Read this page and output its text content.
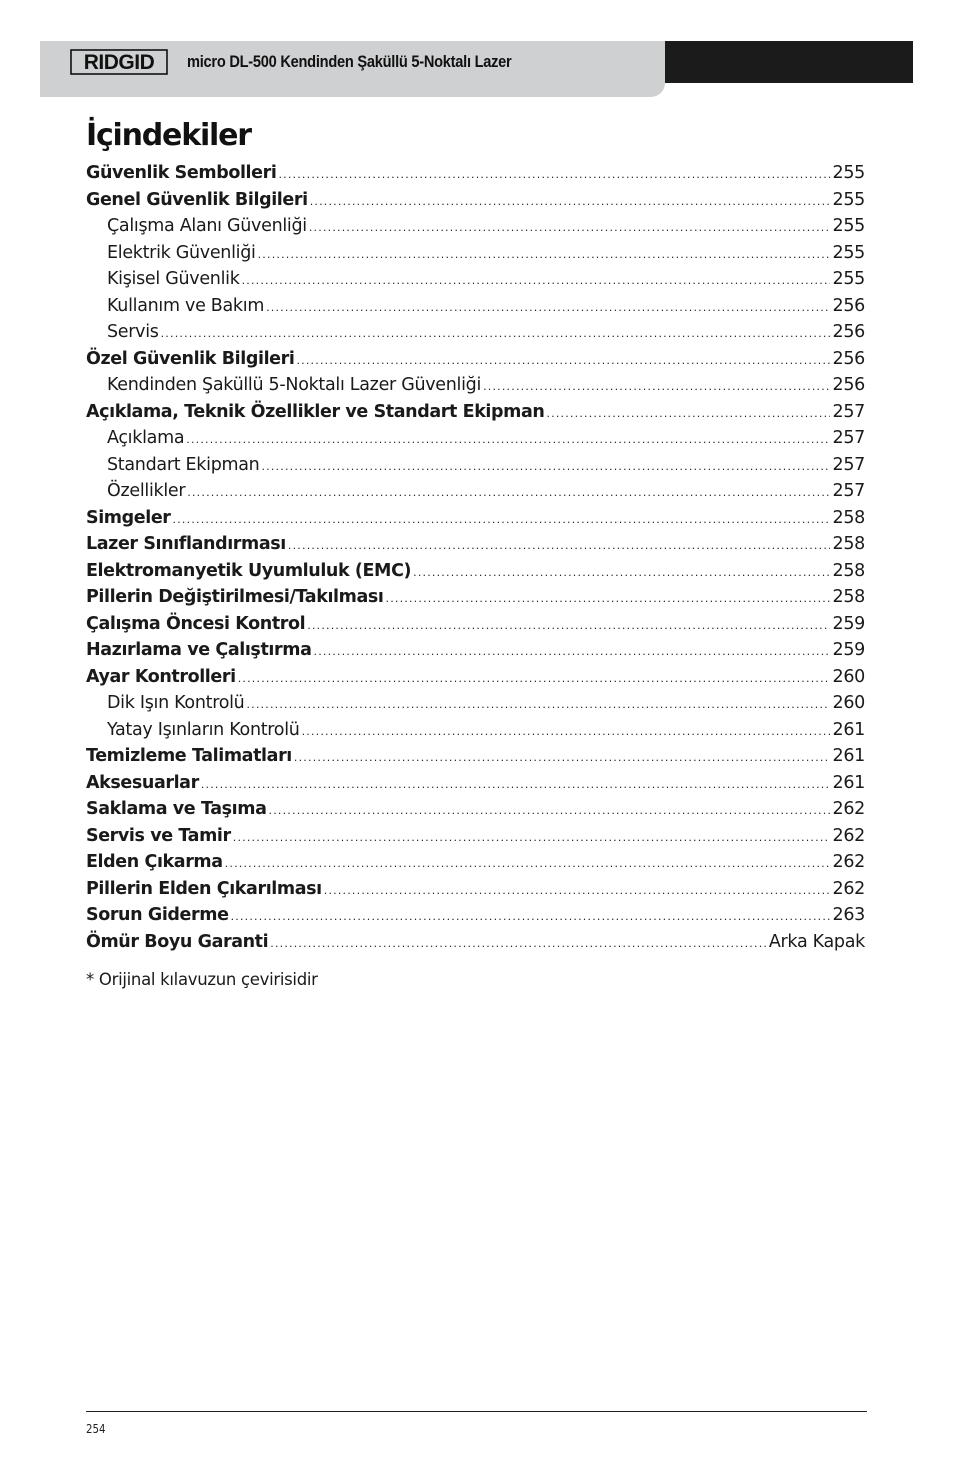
RIDGID micro DL-500 Kendinden Şakü​llü 5-Noktalı Lazer
İçindekiler
Güvenlik Sembolleri .....	255
Genel Güvenlik Bilgileri .....	255
Çalışma Alanı Güvenliği .....	255
Elektrik Güvenliği .....	255
Kişisel Güvenlik .....	255
Kullanım ve Bakım .....	256
Servis .....	256
Özel Güvenlik Bilgileri .....	256
Kendinden Şakü​llü 5-Noktalı Lazer Güvenliği .....	256
Açıklama, Teknik Özellikler ve Standart Ekipman .....	257
Açıklama .....	257
Standart Ekipman .....	257
Özellikler .....	257
Simgeler .....	258
Lazer Sınıflandırması .....	258
Elektromanyetik Uyumluluk (EMC) .....	258
Pillerin Değiştirilmesi/Takılması .....	258
Çalışma Öncesi Kontrol .....	259
Hazırlama ve Çalıştırma .....	259
Ayar Kontrolleri .....	260
Dik Işın Kontrolü .....	260
Yatay Işınların Kontrolü .....	261
Temizleme Talimatları .....	261
Aksesuarlar .....	261
Saklama ve Taşıma .....	262
Servis ve Tamir .....	262
Elden Çıkarma .....	262
Pillerin Elden Çıkarılması .....	262
Sorun Giderme .....	263
Ömür Boyu Garanti .....	Arka Kapak
* Orijinal kılavuzun çevirisidir
254
